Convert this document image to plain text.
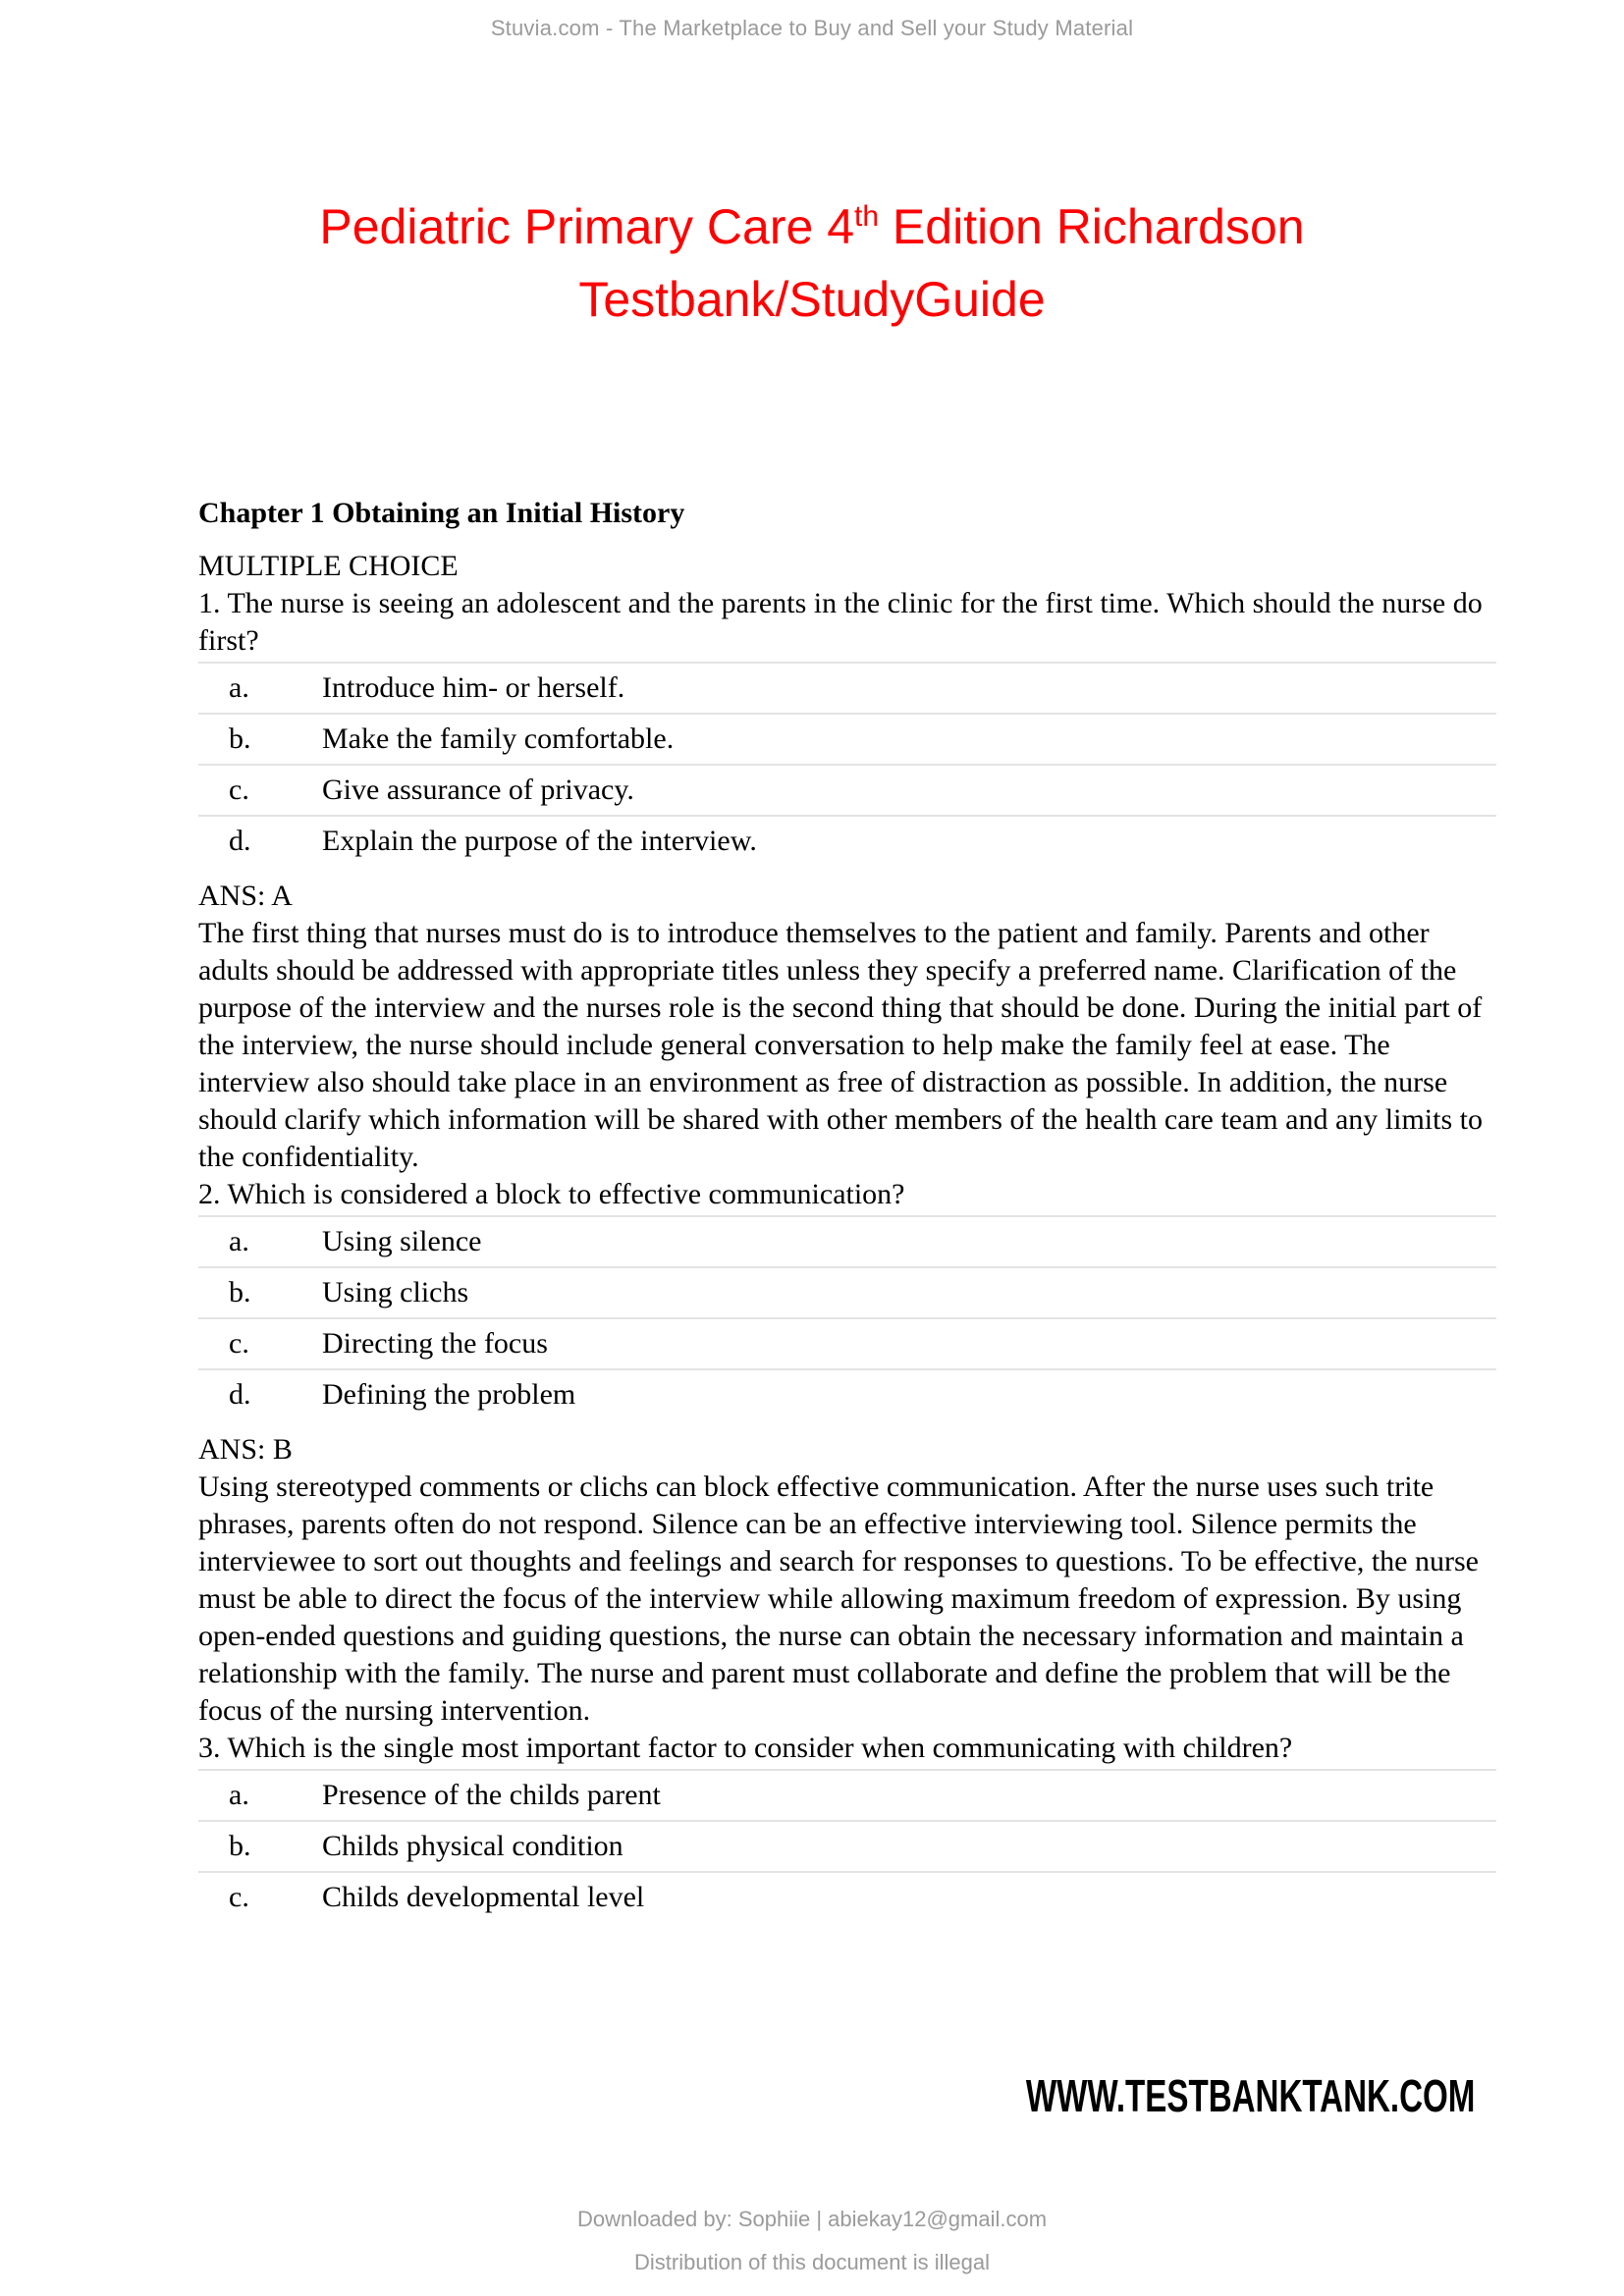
Stuvia.com - The Marketplace to Buy and Sell your Study Material
Pediatric Primary Care 4th Edition Richardson
Testbank/StudyGuide

Chapter 1 Obtaining an Initial History

MULTIPLE CHOICE

1. The nurse is seeing an adolescent and the parents in the clinic for the first time. Which should the nurse do first?

a.	Introduce him- or herself.
b.	Make the family comfortable.
c.	Give assurance of privacy.
d.	Explain the purpose of the interview.

ANS: A

The first thing that nurses must do is to introduce themselves to the patient and family. Parents and other adults should be addressed with appropriate titles unless they specify a preferred name. Clarification of the purpose of the interview and the nurses role is the second thing that should be done. During the initial part of the interview, the nurse should include general conversation to help make the family feel at ease. The interview also should take place in an environment as free of distraction as possible. In addition, the nurse should clarify which information will be shared with other members of the health care team and any limits to the confidentiality.

2. Which is considered a block to effective communication?

a.	Using silence
b.	Using clichs
c.	Directing the focus
d.	Defining the problem

ANS: B

Using stereotyped comments or clichs can block effective communication. After the nurse uses such trite phrases, parents often do not respond. Silence can be an effective interviewing tool. Silence permits the interviewee to sort out thoughts and feelings and search for responses to questions. To be effective, the nurse must be able to direct the focus of the interview while allowing maximum freedom of expression. By using open-ended questions and guiding questions, the nurse can obtain the necessary information and maintain a relationship with the family. The nurse and parent must collaborate and define the problem that will be the focus of the nursing intervention.

3. Which is the single most important factor to consider when communicating with children?

a.	Presence of the childs parent
b.	Childs physical condition
c.	Childs developmental level
WWW.TESTBANKTANK.COM
Downloaded by: Sophiie | abiekay12@gmail.com
Distribution of this document is illegal
